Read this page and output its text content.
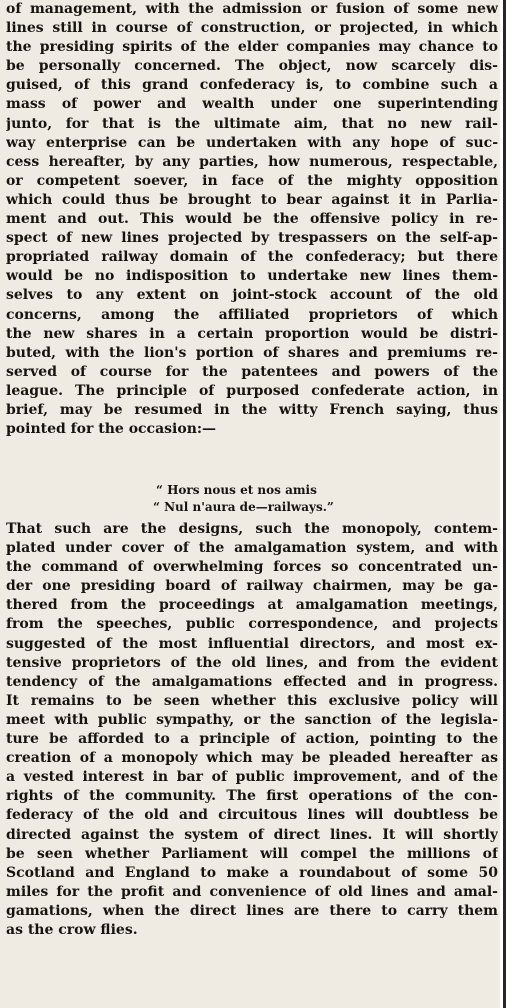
of management, with the admission or fusion of some new
lines still in course of construction, or projected, in which
the presiding spirits of the elder companies may chance to
be personally concerned. The object, now scarcely dis-
guised, of this grand confederacy is, to combine such a
mass of power and wealth under one superintending
junto, for that is the ultimate aim, that no new rail-
way enterprise can be undertaken with any hope of suc-
cess hereafter, by any parties, how numerous, respectable,
or competent soever, in face of the mighty opposition
which could thus be brought to bear against it in Parlia-
ment and out. This would be the offensive policy in re-
spect of new lines projected by trespassers on the self-ap-
propriated railway domain of the confederacy; but there
would be no indisposition to undertake new lines them-
selves to any extent on joint-stock account of the old
concerns, among the affiliated proprietors of which
the new shares in a certain proportion would be distri-
buted, with the lion's portion of shares and premiums re-
served of course for the patentees and powers of the
league. The principle of purposed confederate action, in
brief, may be resumed in the witty French saying, thus
pointed for the occasion:—
“ Hors nous et nos amis
“ Nul n'aura de—railways.”
That such are the designs, such the monopoly, contem-
plated under cover of the amalgamation system, and with
the command of overwhelming forces so concentrated un-
der one presiding board of railway chairmen, may be ga-
thered from the proceedings at amalgamation meetings,
from the speeches, public correspondence, and projects
suggested of the most influential directors, and most ex-
tensive proprietors of the old lines, and from the evident
tendency of the amalgamations effected and in progress.
It remains to be seen whether this exclusive policy will
meet with public sympathy, or the sanction of the legisla-
ture be afforded to a principle of action, pointing to the
creation of a monopoly which may be pleaded hereafter as
a vested interest in bar of public improvement, and of the
rights of the community. The first operations of the con-
federacy of the old and circuitous lines will doubtless be
directed against the system of direct lines. It will shortly
be seen whether Parliament will compel the millions of
Scotland and England to make a roundabout of some 50
miles for the profit and convenience of old lines and amal-
gamations, when the direct lines are there to carry them
as the crow flies.
